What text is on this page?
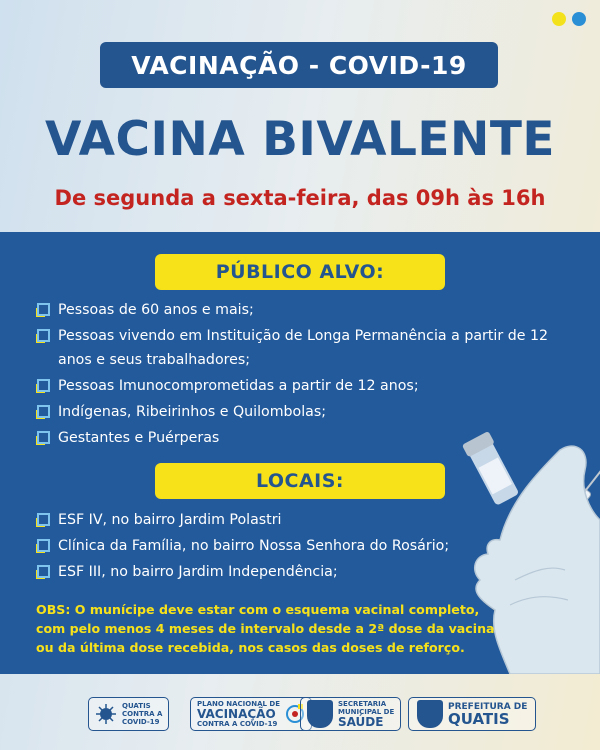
VACINAÇÃO - COVID-19
VACINA BIVALENTE
De segunda a sexta-feira, das 09h às 16h
PÚBLICO ALVO:
Pessoas de 60 anos e mais;
Pessoas vivendo em Instituição de Longa Permanência a partir de 12 anos e seus trabalhadores;
Pessoas Imunocomprometidas a partir de 12 anos;
Indígenas, Ribeirinhos e Quilombolas;
Gestantes e Puérperas
LOCAIS:
ESF IV, no bairro Jardim Polastri
Clínica da Família, no bairro Nossa Senhora do Rosário;
ESF III, no bairro Jardim Independência;
OBS: O munícipe deve estar com o esquema vacinal completo, com pelo menos 4 meses de intervalo desde a 2ª dose da vacina ou da última dose recebida, nos casos das doses de reforço.
QUATIS
CONTRA A
COVID-19
PLANO NACIONAL DE
VACINAÇÃO
CONTRA A COVID-19
SECRETARIA
MUNICIPAL DE
SAÚDE
PREFEITURA DE
QUATIS
